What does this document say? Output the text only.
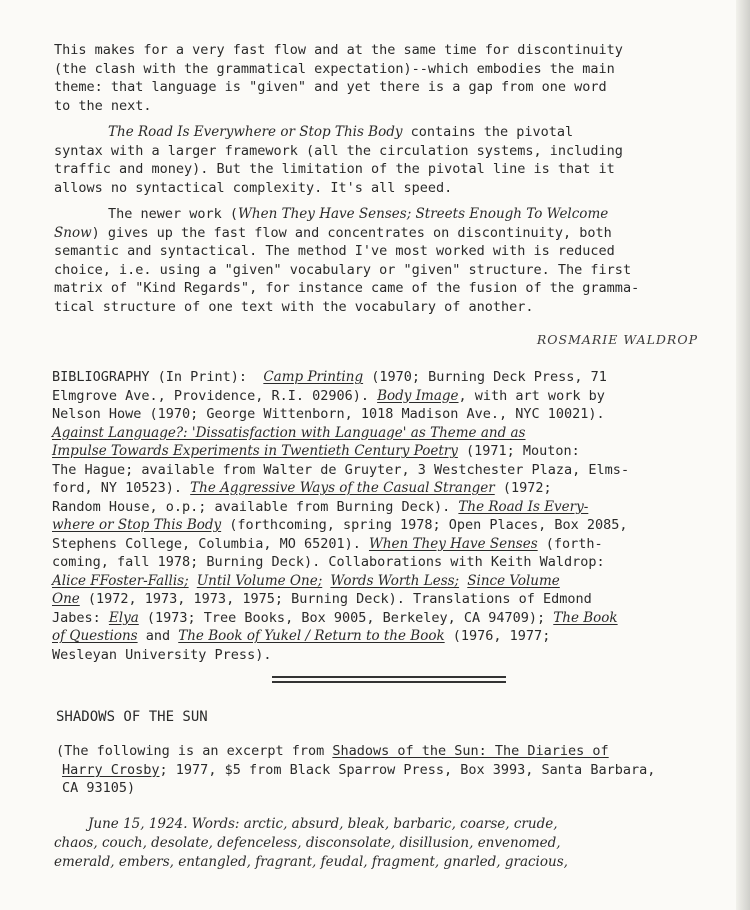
This makes for a very fast flow and at the same time for discontinuity

(the clash with the grammatical expectation)--which embodies the main

theme: that language is "given" and yet there is a gap from one word

to the next.

The Road Is Everywhere or Stop This Body contains the pivotal

syntax with a larger framework (all the circulation systems, including

traffic and money). But the limitation of the pivotal line is that it

allows no syntactical complexity. It's all speed.

The newer work (When They Have Senses; Streets Enough To Welcome

Snow) gives up the fast flow and concentrates on discontinuity, both

semantic and syntactical. The method I've most worked with is reduced

choice, i.e. using a "given" vocabulary or "given" structure. The first

matrix of "Kind Regards", for instance came of the fusion of the gramma-

tical structure of one text with the vocabulary of another.

ROSMARIE WALDROP

BIBLIOGRAPHY (In Print): Camp Printing (1970; Burning Deck Press, 71

Elmgrove Ave., Providence, R.I. 02906). Body Image, with art work by

Nelson Howe (1970; George Wittenborn, 1018 Madison Ave., NYC 10021).

Against Language?: 'Dissatisfaction with Language' as Theme and as

Impulse Towards Experiments in Twentieth Century Poetry (1971; Mouton:

The Hague; available from Walter de Gruyter, 3 Westchester Plaza, Elms-

ford, NY 10523). The Aggressive Ways of the Casual Stranger (1972;

Random House, o.p.; available from Burning Deck). The Road Is Every-

where or Stop This Body (forthcoming, spring 1978; Open Places, Box 2085,

Stephens College, Columbia, MO 65201). When They Have Senses (forth-

coming, fall 1978; Burning Deck). Collaborations with Keith Waldrop:

Alice FFoster-Fallis; Until Volume One; Words Worth Less; Since Volume

One (1972, 1973, 1973, 1975; Burning Deck). Translations of Edmond

Jabes: Elya (1973; Tree Books, Box 9005, Berkeley, CA 94709); The Book

of Questions and The Book of Yukel / Return to the Book (1976, 1977;

Wesleyan University Press).

SHADOWS OF THE SUN

(The following is an excerpt from Shadows of the Sun: The Diaries of

Harry Crosby; 1977, $5 from Black Sparrow Press, Box 3993, Santa Barbara,

CA 93105)

June 15, 1924. Words: arctic, absurd, bleak, barbaric, coarse, crude,

chaos, couch, desolate, defenceless, disconsolate, disillusion, envenomed,

emerald, embers, entangled, fragrant, feudal, fragment, gnarled, gracious,
